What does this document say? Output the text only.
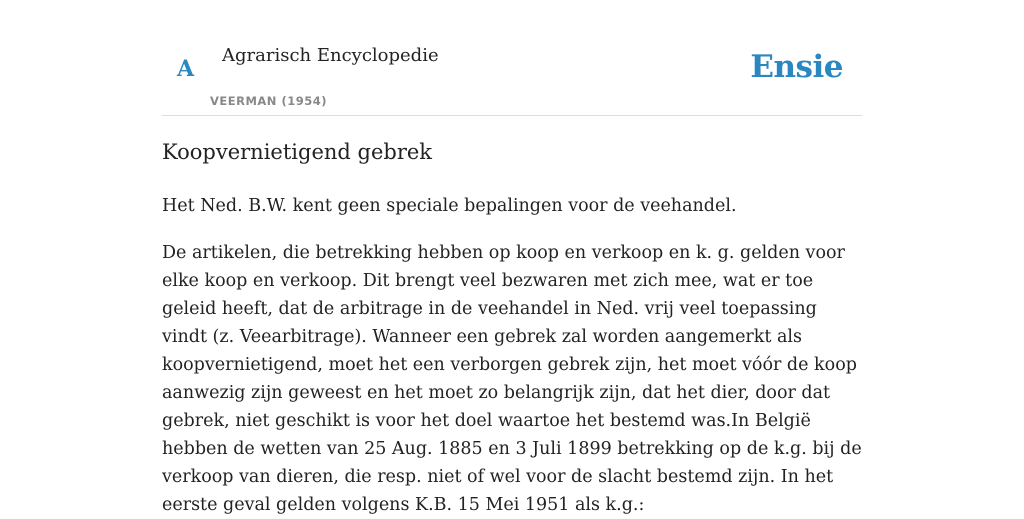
A
Agrarisch Encyclopedie
VEERMAN (1954)
Ensie
Koopvernietigend gebrek

Het Ned. B.W. kent geen speciale bepalingen voor de veehandel.

De artikelen, die betrekking hebben op koop en verkoop en k. g. gelden voor elke koop en verkoop. Dit brengt veel bezwaren met zich mee, wat er toe geleid heeft, dat de arbitrage in de veehandel in Ned. vrij veel toepassing vindt (z. Veearbitrage). Wanneer een gebrek zal worden aangemerkt als koopvernietigend, moet het een verborgen gebrek zijn, het moet vóór de koop aanwezig zijn geweest en het moet zo belangrijk zijn, dat het dier, door dat gebrek, niet geschikt is voor het doel waartoe het bestemd was.In België hebben de wetten van 25 Aug. 1885 en 3 Juli 1899 betrekking op de k.g. bij de verkoop van dieren, die resp. niet of wel voor de slacht bestemd zijn. In het eerste geval gelden volgens K.B. 15 Mei 1951 als k.g.:
